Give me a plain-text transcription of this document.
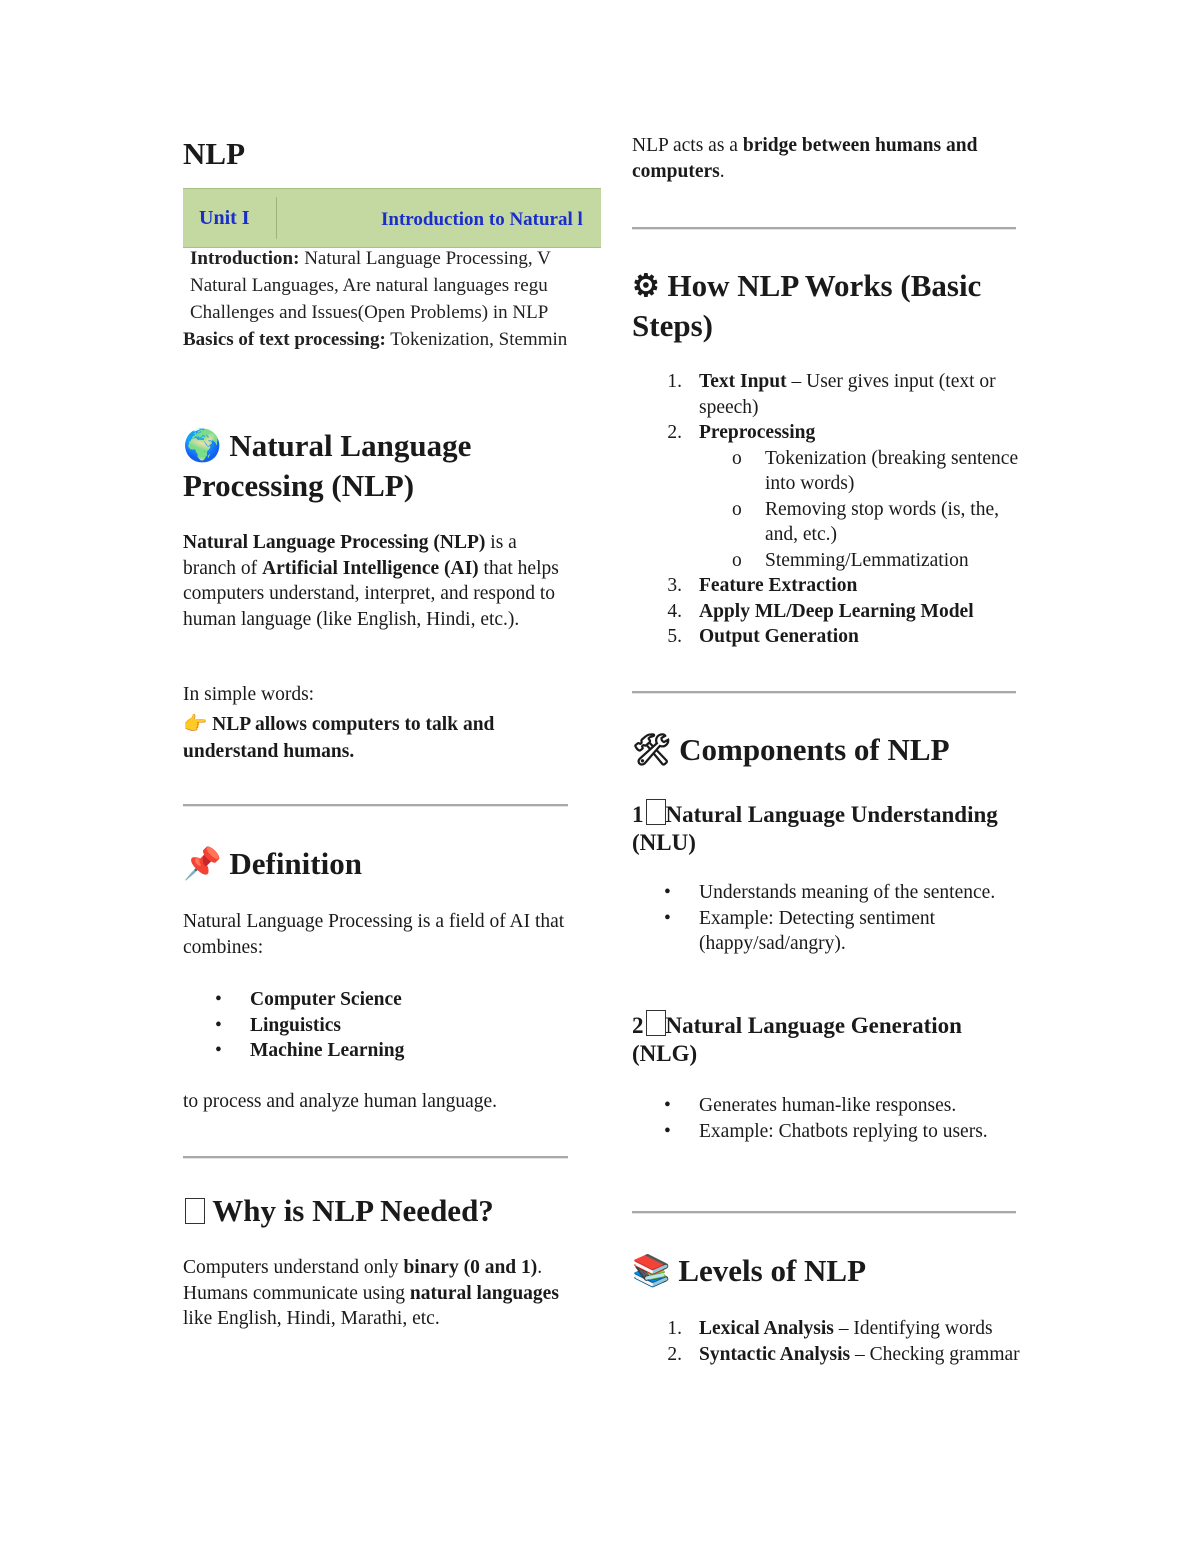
NLP
Unit I	Introduction to Natural l
Introduction: Natural Language Processing, V
Natural Languages, Are natural languages regu
Challenges and Issues(Open Problems) in NLP
Basics of text processing: Tokenization, Stemmin
🌍 Natural Language Processing (NLP)

Natural Language Processing (NLP) is a branch of Artificial Intelligence (AI) that helps computers understand, interpret, and respond to human language (like English, Hindi, etc.).

In simple words:

👉 NLP allows computers to talk and understand humans.

📌 Definition

Natural Language Processing is a field of AI that combines:

• Computer Science
• Linguistics
• Machine Learning

to process and analyze human language.

Why is NLP Needed?

Computers understand only binary (0 and 1).
Humans communicate using natural languages like English, Hindi, Marathi, etc.

NLP acts as a bridge between humans and computers.

⚙ How NLP Works (Basic Steps)
1. Text Input – User gives input (text or speech)
2. Preprocessing
o Tokenization (breaking sentence into words)
o Removing stop words (is, the, and, etc.)
o Stemming/Lemmatization
3. Feature Extraction
4. Apply ML/Deep Learning Model
5. Output Generation
🛠 Components of NLP
1 Natural Language Understanding (NLU)
• Understands meaning of the sentence.
• Example: Detecting sentiment (happy/sad/angry).
2 Natural Language Generation (NLG)
• Generates human-like responses.
• Example: Chatbots replying to users.
📚 Levels of NLP
1. Lexical Analysis – Identifying words
2. Syntactic Analysis – Checking grammar
